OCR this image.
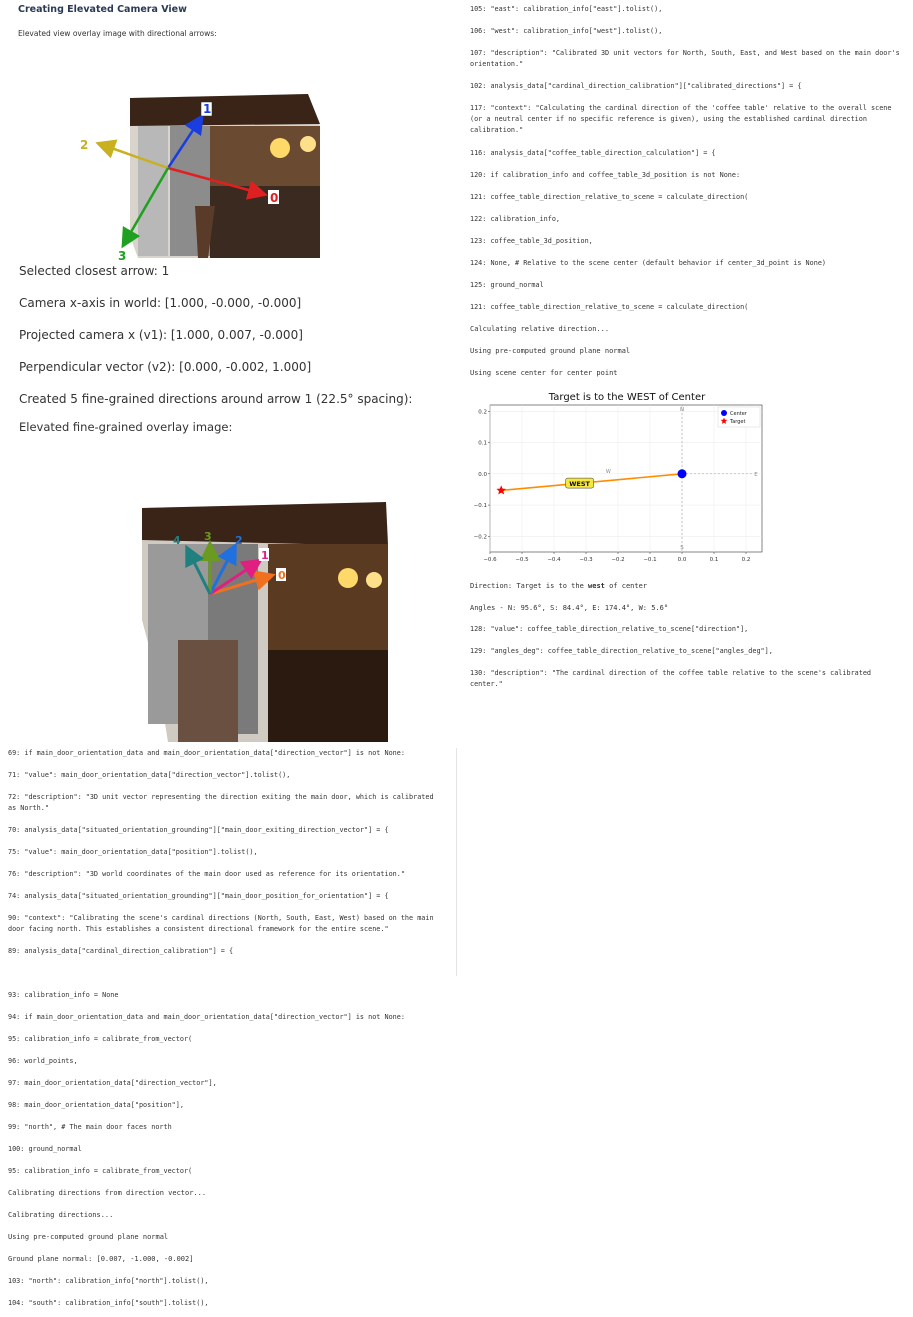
Creating Elevated Camera View
Elevated view overlay image with directional arrows:
1
0
2
3
Selected closest arrow: 1
Camera x-axis in world: [1.000, -0.000, -0.000]
Projected camera x (v1): [1.000, 0.007, -0.000]
Perpendicular vector (v2): [0.000, -0.002, 1.000]
Created 5 fine-grained directions around arrow 1 (22.5° spacing):
Elevated fine-grained overlay image:
0
1
2
3
4
69: if main_door_orientation_data and main_door_orientation_data["direction_vector"] is not None:
71: "value": main_door_orientation_data["direction_vector"].tolist(),
72: "description": "3D unit vector representing the direction exiting the main door, which is calibrated
as North."
70: analysis_data["situated_orientation_grounding"]["main_door_exiting_direction_vector"] = {
75: "value": main_door_orientation_data["position"].tolist(),
76: "description": "3D world coordinates of the main door used as reference for its orientation."
74: analysis_data["situated_orientation_grounding"]["main_door_position_for_orientation"] = {
90: "context": "Calibrating the scene's cardinal directions (North, South, East, West) based on the main
door facing north. This establishes a consistent directional framework for the entire scene."
89: analysis_data["cardinal_direction_calibration"] = {
93: calibration_info = None
94: if main_door_orientation_data and main_door_orientation_data["direction_vector"] is not None:
95: calibration_info = calibrate_from_vector(
96: world_points,
97: main_door_orientation_data["direction_vector"],
98: main_door_orientation_data["position"],
99: "north", # The main door faces north
100: ground_normal
95: calibration_info = calibrate_from_vector(
Calibrating directions from direction vector...
Calibrating directions...
Using pre-computed ground plane normal
Ground plane normal: [0.007, -1.000, -0.002]
103: "north": calibration_info["north"].tolist(),
104: "south": calibration_info["south"].tolist(),
105: "east": calibration_info["east"].tolist(),
106: "west": calibration_info["west"].tolist(),
107: "description": "Calibrated 3D unit vectors for North, South, East, and West based on the main door's
orientation."
102: analysis_data["cardinal_direction_calibration"]["calibrated_directions"] = {
117: "context": "Calculating the cardinal direction of the 'coffee table' relative to the overall scene
(or a neutral center if no specific reference is given), using the established cardinal direction
calibration."
116: analysis_data["coffee_table_direction_calculation"] = {
120: if calibration_info and coffee_table_3d_position is not None:
121: coffee_table_direction_relative_to_scene = calculate_direction(
122: calibration_info,
123: coffee_table_3d_position,
124: None, # Relative to the scene center (default behavior if center_3d_point is None)
125: ground_normal
121: coffee_table_direction_relative_to_scene = calculate_direction(
Calculating relative direction...
Using pre-computed ground plane normal
Using scene center for center point
Target is to the WEST of Center
−0.6	−0.5	−0.4	−0.3	−0.2	−0.1	0.0	0.1	0.2
0.2
0.1
0.0
−0.1
−0.2
N
S
E
W
WEST
Center
Target
Direction: Target is to the west of center
Angles - N: 95.6°, S: 84.4°, E: 174.4°, W: 5.6°
128: "value": coffee_table_direction_relative_to_scene["direction"],
129: "angles_deg": coffee_table_direction_relative_to_scene["angles_deg"],
130: "description": "The cardinal direction of the coffee table relative to the scene's calibrated
center."
